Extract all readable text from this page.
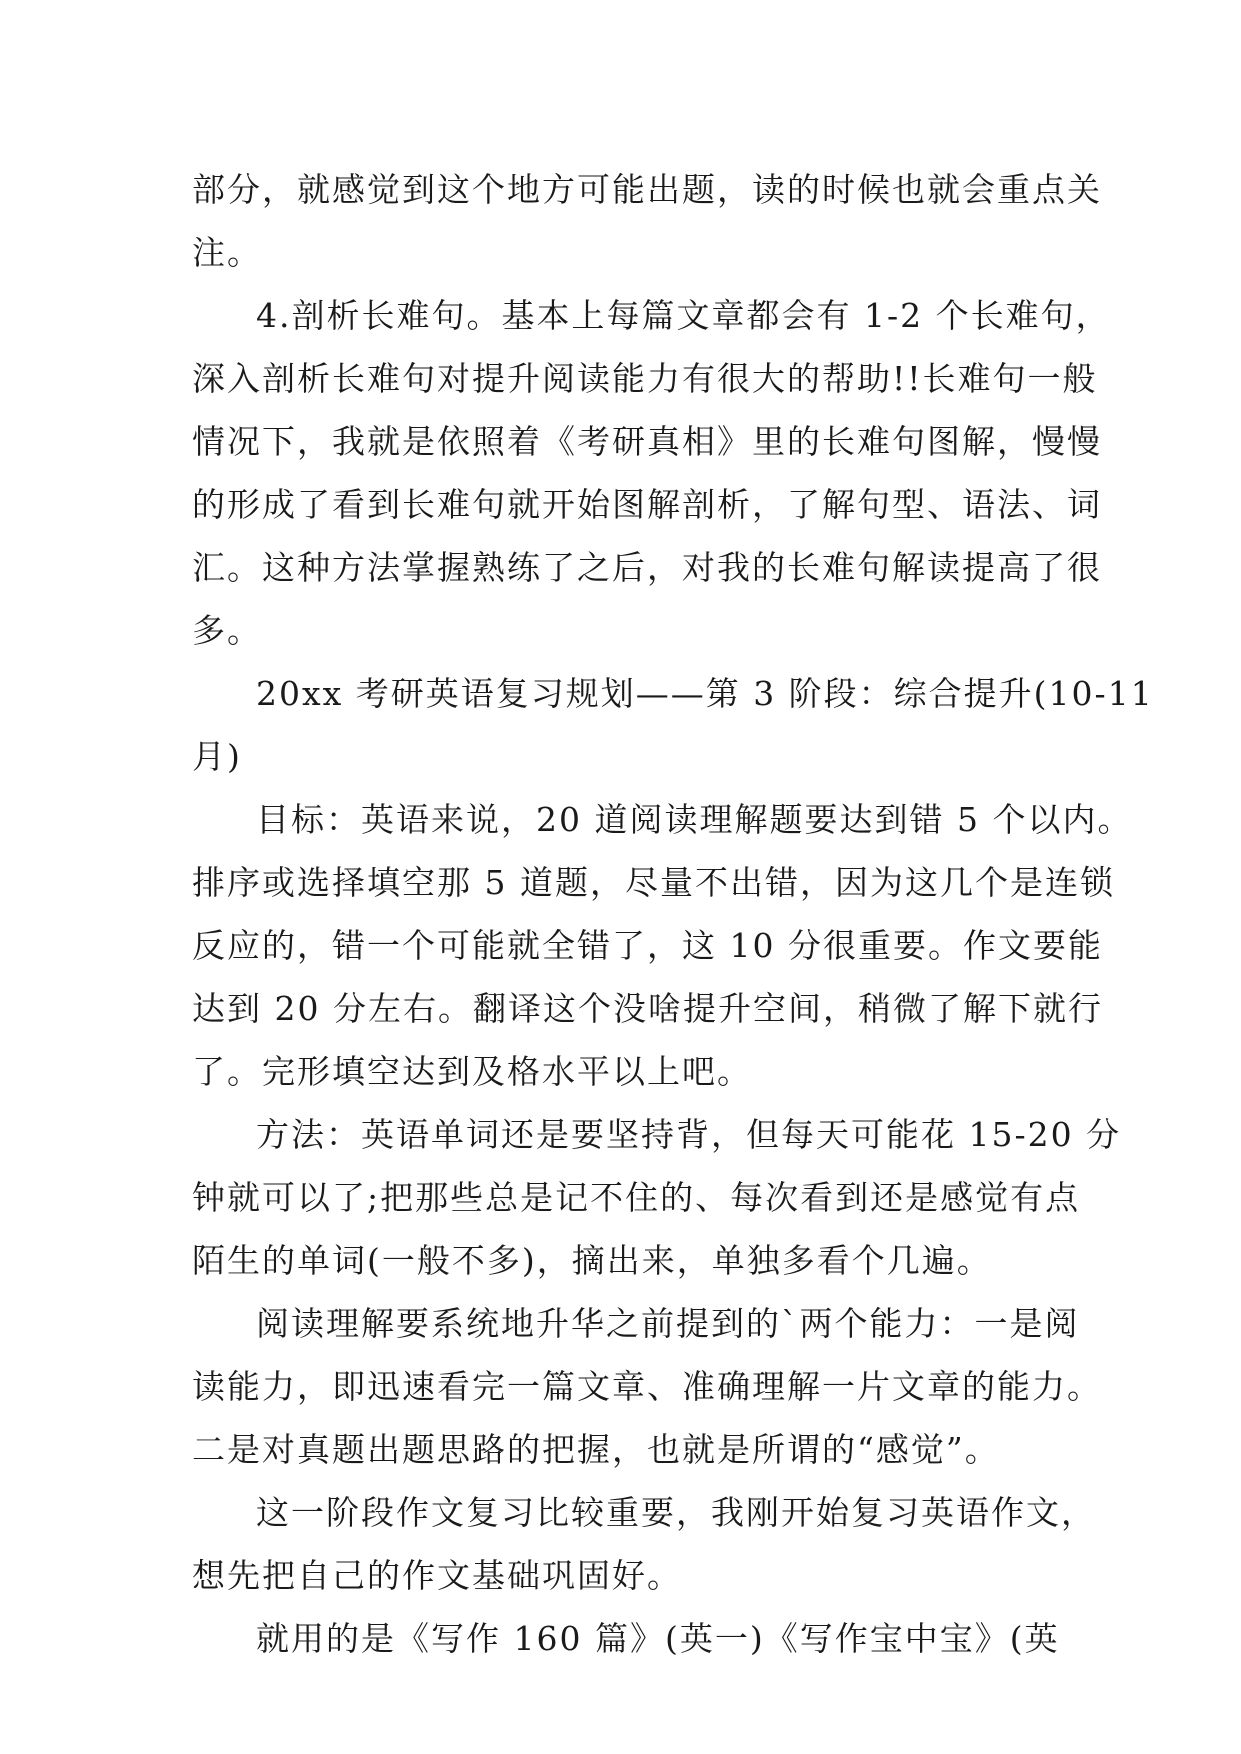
部分，就感觉到这个地方可能出题，读的时候也就会重点关
注。
4.剖析长难句。基本上每篇文章都会有 1-2 个长难句，
深入剖析长难句对提升阅读能力有很大的帮助!!长难句一般
情况下，我就是依照着《考研真相》里的长难句图解，慢慢
的形成了看到长难句就开始图解剖析，了解句型、语法、词
汇。这种方法掌握熟练了之后，对我的长难句解读提高了很
多。
20xx 考研英语复习规划——第 3 阶段：综合提升(10-11
月)
目标：英语来说，20 道阅读理解题要达到错 5 个以内。
排序或选择填空那 5 道题，尽量不出错，因为这几个是连锁
反应的，错一个可能就全错了，这 10 分很重要。作文要能
达到 20 分左右。翻译这个没啥提升空间，稍微了解下就行
了。完形填空达到及格水平以上吧。
方法：英语单词还是要坚持背，但每天可能花 15-20 分
钟就可以了;把那些总是记不住的、每次看到还是感觉有点
陌生的单词(一般不多)，摘出来，单独多看个几遍。
阅读理解要系统地升华之前提到的`两个能力：一是阅
读能力，即迅速看完一篇文章、准确理解一片文章的能力。
二是对真题出题思路的把握，也就是所谓的“感觉”。
这一阶段作文复习比较重要，我刚开始复习英语作文，
想先把自己的作文基础巩固好。
就用的是《写作 160 篇》(英一)《写作宝中宝》(英
